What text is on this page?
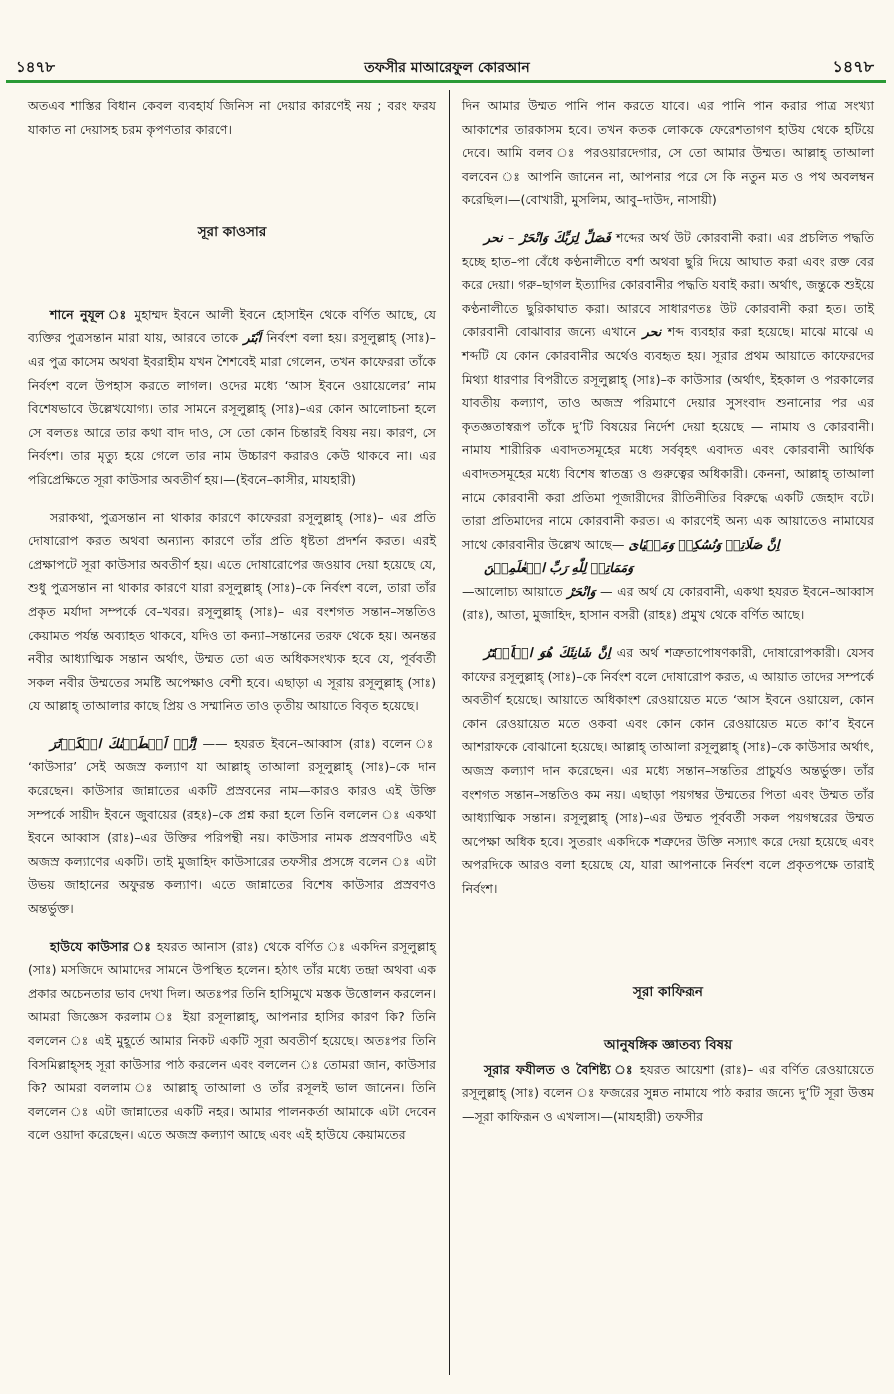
১৪৭৮	তফসীর মাআরেফুল কোরআন	১৪৭৮

অতএব শাস্তির বিধান কেবল ব্যবহার্য জিনিস না দেয়ার কারণেই নয় ; বরং ফরয যাকাত না দেয়াসহ চরম কৃপণতার কারণে।

সূরা কাওসার

শানে নুযূল ঃ মুহাম্মদ ইবনে আলী ইবনে হোসাইন থেকে বর্ণিত আছে, যে ব্যক্তির পুত্রসন্তান মারা যায়, আরবে তাকে اَبْتَر নির্বংশ বলা হয়। রসূলুল্লাহ্ (সাঃ)–এর পুত্র কাসেম অথবা ইবরাহীম যখন শৈশবেই মারা গেলেন, তখন কাফেররা তাঁকে নির্বংশ বলে উপহাস করতে লাগল। ওদের মধ্যে ‘আস ইবনে ওয়ায়েলের’ নাম বিশেষভাবে উল্লেখযোগ্য। তার সামনে রসূলুল্লাহ্ (সাঃ)–এর কোন আলোচনা হলে সে বলতঃ আরে তার কথা বাদ দাও, সে তো কোন চিন্তারই বিষয় নয়। কারণ, সে নির্বংশ। তার মৃত্যু হয়ে গেলে তার নাম উচ্চারণ করারও কেউ থাকবে না। এর পরিপ্রেক্ষিতে সূরা কাউসার অবতীর্ণ হয়।—(ইবনে–কাসীর, মাযহারী)

সরাকথা, পুত্রসন্তান না থাকার কারণে কাফেররা রসূলুল্লাহ্ (সাঃ)– এর প্রতি দোষারোপ করত অথবা অন্যান্য কারণে তাঁর প্রতি ধৃষ্টতা প্রদর্শন করত। এরই প্রেক্ষাপটে সূরা কাউসার অবতীর্ণ হয়। এতে দোষারোপের জওয়াব দেয়া হয়েছে যে, শুধু পুত্রসন্তান না থাকার কারণে যারা রসূলুল্লাহ্ (সাঃ)–কে নির্বংশ বলে, তারা তাঁর প্রকৃত মর্যাদা সম্পর্কে বে–খবর। রসূলুল্লাহ্ (সাঃ)– এর বংশগত সন্তান–সন্ততিও কেয়ামত পর্যন্ত অব্যাহত থাকবে, যদিও তা কন্যা–সন্তানের তরফ থেকে হয়। অনন্তর নবীর আধ্যাত্মিক সন্তান অর্থাৎ, উম্মত তো এত অধিকসংখ্যক হবে যে, পূর্ববর্তী সকল নবীর উম্মতের সমষ্টি অপেক্ষাও বেশী হবে। এছাড়া এ সূরায় রসূলুল্লাহ্ (সাঃ) যে আল্লাহ্ তাআলার কাছে প্রিয় ও সম্মানিত তাও তৃতীয় আয়াতে বিবৃত হয়েছে।

اِنَّاۤ اَعۡطَيۡنٰكَ الۡكَوۡثَرَ —— হযরত ইবনে–আব্বাস (রাঃ) বলেন ঃ ‘কাউসার’ সেই অজস্র কল্যাণ যা আল্লাহ্ তাআলা রসূলুল্লাহ্ (সাঃ)–কে দান করেছেন। কাউসার জান্নাতের একটি প্রস্রবনের নাম—কারও কারও এই উক্তি সম্পর্কে সায়ীদ ইবনে জুবায়ের (রহঃ)–কে প্রশ্ন করা হলে তিনি বললেন ঃ একথা ইবনে আব্বাস (রাঃ)–এর উক্তির পরিপন্থী নয়। কাউসার নামক প্রস্রবণটিও এই অজস্র কল্যাণের একটি। তাই মুজাহিদ কাউসারের তফসীর প্রসঙ্গে বলেন ঃ এটা উভয় জাহানের অফুরন্ত কল্যাণ। এতে জান্নাতের বিশেষ কাউসার প্রস্রবণও অন্তর্ভুক্ত।

হাউযে কাউসার ঃ হযরত আনাস (রাঃ) থেকে বর্ণিত ঃ একদিন রসূলুল্লাহ্ (সাঃ) মসজিদে আমাদের সামনে উপস্থিত হলেন। হঠাৎ তাঁর মধ্যে তন্দ্রা অথবা এক প্রকার অচেনতার ভাব দেখা দিল। অতঃপর তিনি হাসিমুখে মস্তক উত্তোলন করলেন। আমরা জিজ্ঞেস করলাম ঃ ইয়া রসূলাল্লাহ্, আপনার হাসির কারণ কি? তিনি বললেন ঃ এই মুহূর্তে আমার নিকট একটি সূরা অবতীর্ণ হয়েছে। অতঃপর তিনি বিসমিল্লাহ্সহ সূরা কাউসার পাঠ করলেন এবং বললেন ঃ তোমরা জান, কাউসার কি? আমরা বললাম ঃ আল্লাহ্ তাআলা ও তাঁর রসূলই ভাল জানেন। তিনি বললেন ঃ এটা জান্নাতের একটি নহর। আমার পালনকর্তা আমাকে এটা দেবেন বলে ওয়াদা করেছেন। এতে অজস্র কল্যাণ আছে এবং এই হাউযে কেয়ামতের

দিন আমার উম্মত পানি পান করতে যাবে। এর পানি পান করার পাত্র সংখ্যা আকাশের তারকাসম হবে। তখন কতক লোককে ফেরেশতাগণ হাউয থেকে হটিয়ে দেবে। আমি বলব ঃ পরওয়ারদেগার, সে তো আমার উম্মত। আল্লাহ্ তাআলা বলবেন ঃ আপনি জানেন না, আপনার পরে সে কি নতুন মত ও পথ অবলম্বন করেছিল।—(বোখারী, মুসলিম, আবু–দাউদ, নাসায়ী)

فَصَلِّ لِرَبِّكَ وَانْحَرْ – نحر	শব্দের অর্থ উট কোরবানী করা। এর প্রচলিত পদ্ধতি হচ্ছে হাত–পা বেঁধে কণ্ঠনালীতে বর্শা অথবা ছুরি দিয়ে আঘাত করা এবং রক্ত বের করে দেয়া। গরু–ছাগল ইত্যাদির কোরবানীর পদ্ধতি যবাই করা। অর্থাৎ, জন্তুকে শুইয়ে কণ্ঠনালীতে ছুরিকাঘাত করা। আরবে সাধারণতঃ উট কোরবানী করা হত। তাই কোরবানী বোঝাবার জন্যে এখানে نحر শব্দ ব্যবহার করা হয়েছে। মাঝে মাঝে এ শব্দটি যে কোন কোরবানীর অর্থেও ব্যবহৃত হয়। সূরার প্রথম আয়াতে কাফেরদের মিথ্যা ধারণার বিপরীতে রসূলুল্লাহ্ (সাঃ)–ক কাউসার (অর্থাৎ, ইহকাল ও পরকালের যাবতীয় কল্যাণ, তাও অজস্র পরিমাণে দেয়ার সুসংবাদ শুনানোর পর এর কৃতজ্ঞতাস্বরূপ তাঁকে দু’টি বিষয়ের নির্দেশ দেয়া হয়েছে — নামায ও কোরবানী। নামায শারীরিক এবাদতসমূহের মধ্যে সর্ববৃহৎ এবাদত এবং কোরবানী আর্থিক এবাদতসমূহের মধ্যে বিশেষ স্বাতন্ত্র্য ও গুরুত্বের অধিকারী। কেননা, আল্লাহ্ তাআলা নামে কোরবানী করা প্রতিমা পূজারীদের রীতিনীতির বিরুদ্ধে একটি জেহাদ বটে। তারা প্রতিমাদের নামে কোরবানী করত। এ কারণেই অন্য এক আয়াতেও নামাযের সাথে কোরবানীর উল্লেখ আছে— اِنَّ صَلَاتِىۡ وَنُسُكِىۡ وَمَحۡيَاىَ
وَمَمَاتِىۡ لِلّٰهِ رَبِّ الۡعٰلَمِيۡنَ
—আলোচ্য আয়াতে وَانْحَرْ — এর অর্থ যে কোরবানী, একথা হযরত ইবনে–আব্বাস (রাঃ), আতা, মুজাহিদ, হাসান বসরী (রাহঃ) প্রমুখ থেকে বর্ণিত আছে।

اِنَّ شَانِئَكَ هُوَ الۡاَبۡتَرُ এর অর্থ শত্রুতাপোষণকারী, দোষারোপকারী। যেসব কাফের রসূলুল্লাহ্ (সাঃ)–কে নির্বংশ বলে দোষারোপ করত, এ আয়াত তাদের সম্পর্কে অবতীর্ণ হয়েছে। আয়াতে অধিকাংশ রেওয়ায়েত মতে ‘আস ইবনে ওয়ায়েল, কোন কোন রেওয়ায়েত মতে ওকবা এবং কোন কোন রেওয়ায়েত মতে কা’ব ইবনে আশরাফকে বোঝানো হয়েছে। আল্লাহ্ তাআলা রসূলুল্লাহ্ (সাঃ)–কে কাউসার অর্থাৎ, অজস্র কল্যাণ দান করেছেন। এর মধ্যে সন্তান–সন্ততির প্রাচুর্যও অন্তর্ভুক্ত। তাঁর বংশগত সন্তান–সন্ততিও কম নয়। এছাড়া পয়গম্বর উম্মতের পিতা এবং উম্মত তাঁর আধ্যাত্মিক সন্তান। রসূলুল্লাহ্ (সাঃ)–এর উম্মত পূর্ববর্তী সকল পয়গম্বরের উম্মত অপেক্ষা অধিক হবে। সুতরাং একদিকে শত্রুদের উক্তি নস্যাৎ করে দেয়া হয়েছে এবং অপরদিকে আরও বলা হয়েছে যে, যারা আপনাকে নির্বংশ বলে প্রকৃতপক্ষে তারাই নির্বংশ।

সূরা কাফিরূন

আনুষঙ্গিক জ্ঞাতব্য বিষয়

সূরার ফযীলত ও বৈশিষ্ট্য ঃ হযরত আয়েশা (রাঃ)– এর বর্ণিত রেওয়ায়েতে রসূলুল্লাহ্ (সাঃ) বলেন ঃ ফজরের সুন্নত নামাযে পাঠ করার জন্যে দু’টি সূরা উত্তম —সূরা কাফিরূন ও এখলাস।—(মাযহারী) তফসীর
